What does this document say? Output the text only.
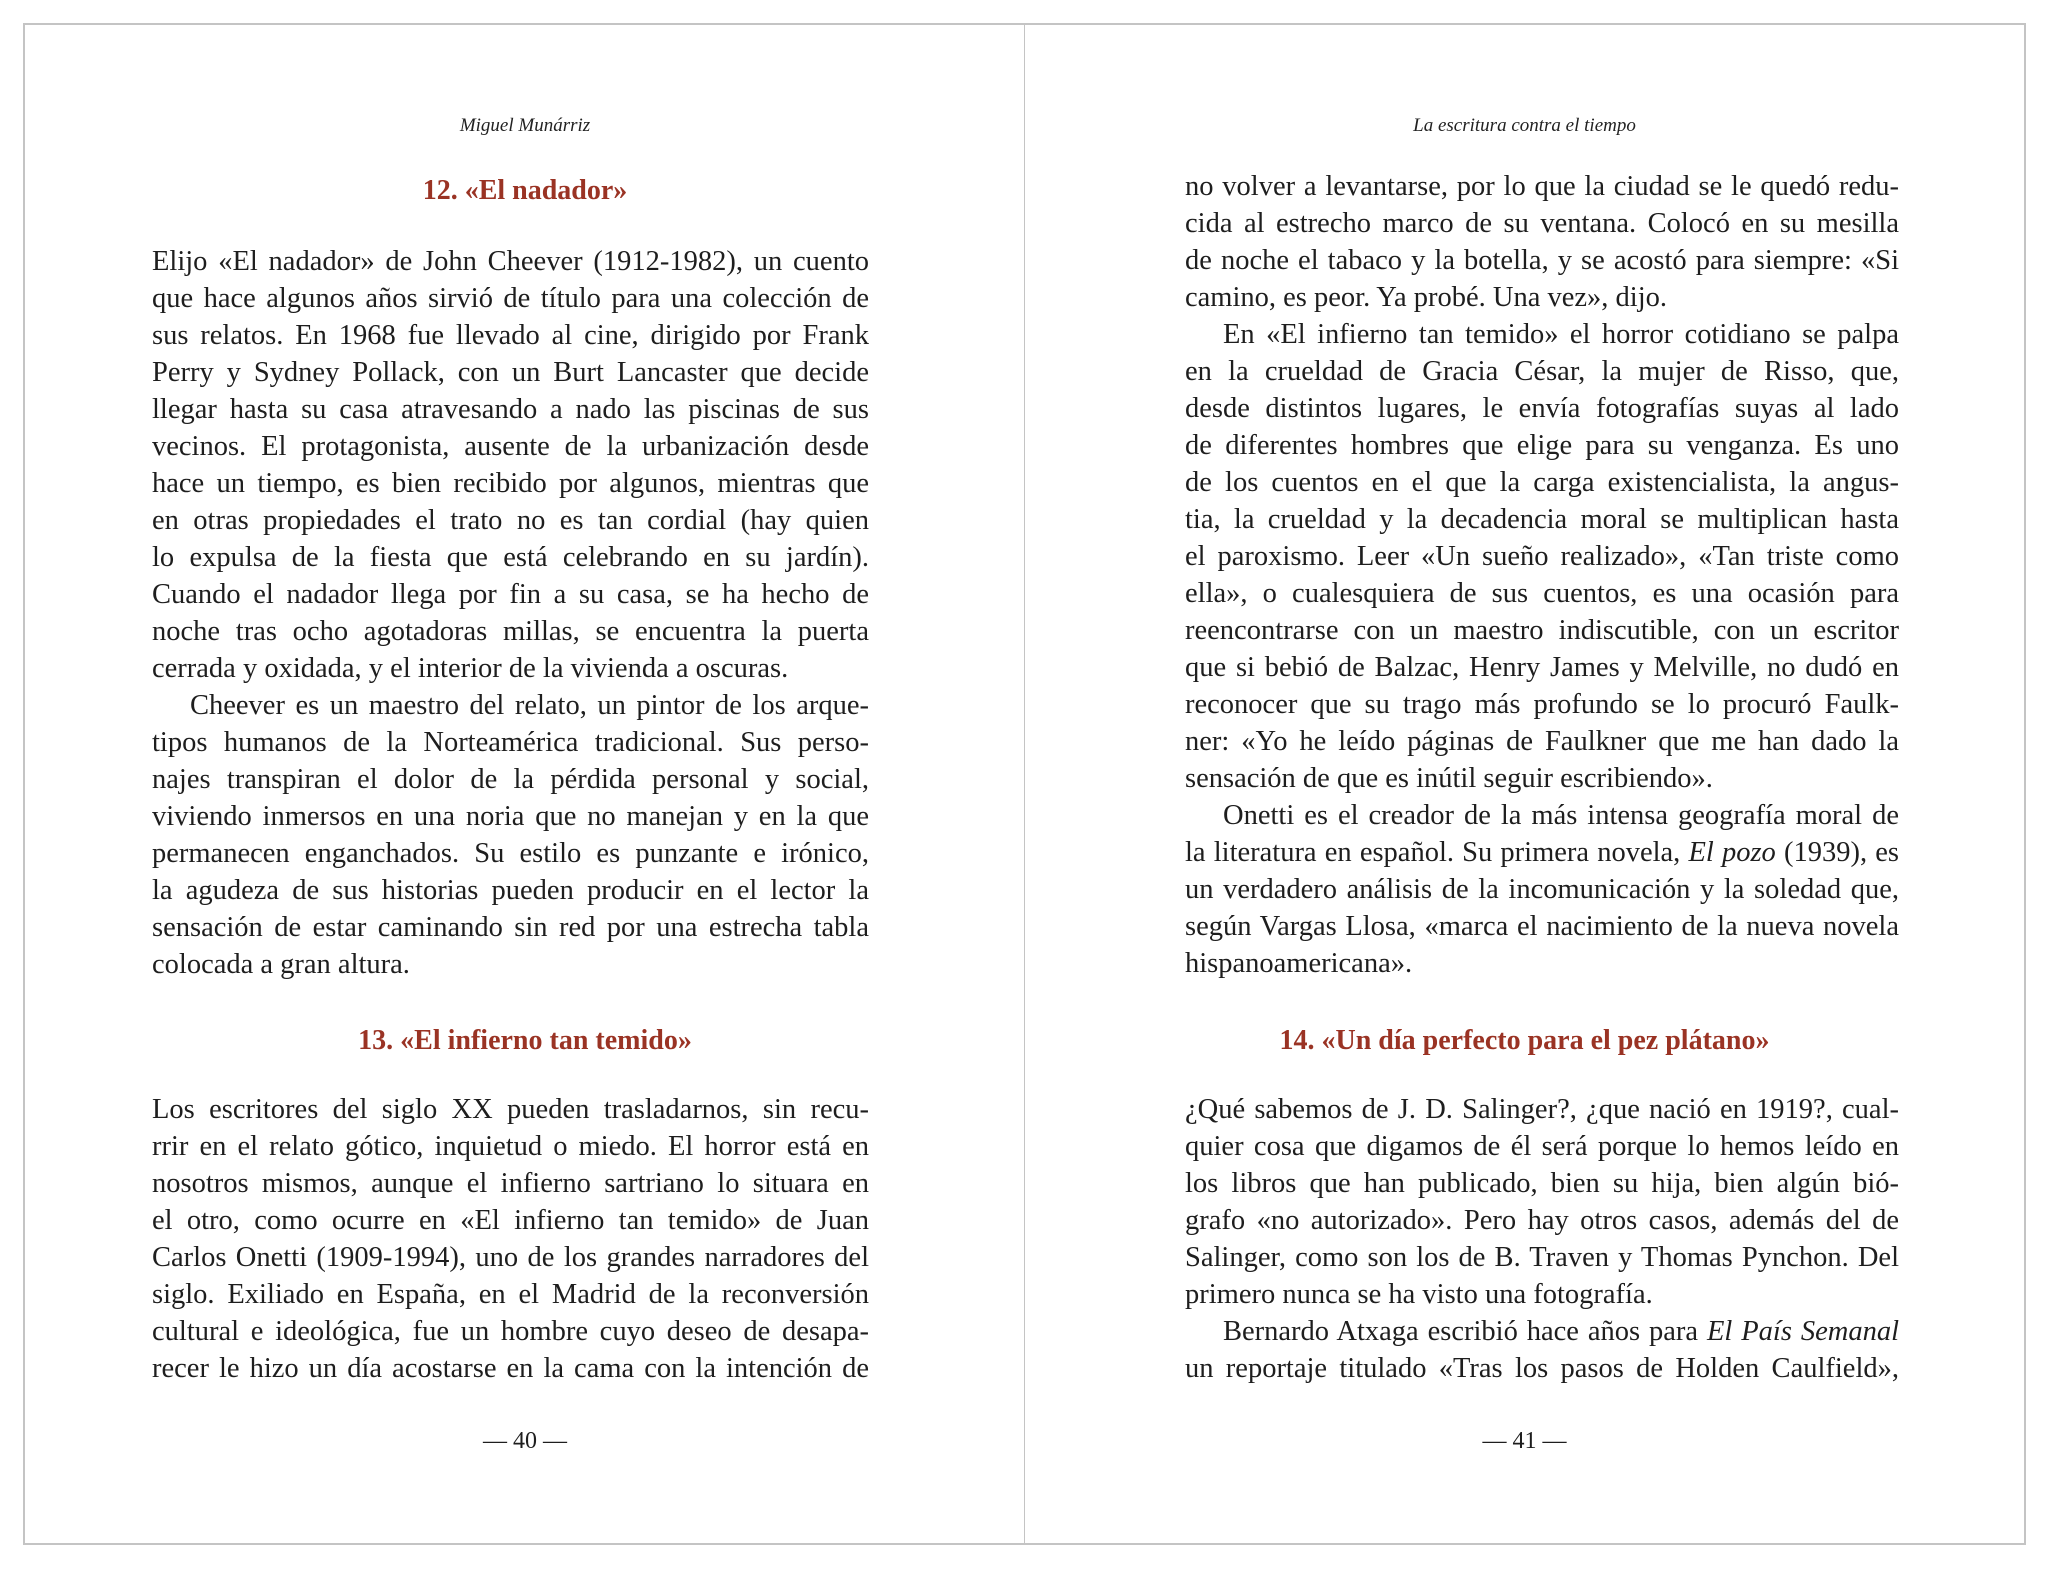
Miguel Munárriz
— 40 —
12. «El nadador»
Elijo «El nadador» de John Cheever (1912-1982), un cuento
que hace algunos años sirvió de título para una colección de
sus relatos. En 1968 fue llevado al cine, dirigido por Frank
Perry y Sydney Pollack, con un Burt Lancaster que decide
llegar hasta su casa atravesando a nado las piscinas de sus
vecinos. El protagonista, ausente de la urbanización desde
hace un tiempo, es bien recibido por algunos, mientras que
en otras propiedades el trato no es tan cordial (hay quien
lo expulsa de la fiesta que está celebrando en su jardín).
Cuando el nadador llega por fin a su casa, se ha hecho de
noche tras ocho agotadoras millas, se encuentra la puerta
cerrada y oxidada, y el interior de la vivienda a oscuras.
Cheever es un maestro del relato, un pintor de los arque-
tipos humanos de la Norteamérica tradicional. Sus perso-
najes transpiran el dolor de la pérdida personal y social,
viviendo inmersos en una noria que no manejan y en la que
permanecen enganchados. Su estilo es punzante e irónico,
la agudeza de sus historias pueden producir en el lector la
sensación de estar caminando sin red por una estrecha tabla
colocada a gran altura.
13. «El infierno tan temido»
Los escritores del siglo XX pueden trasladarnos, sin recu-
rrir en el relato gótico, inquietud o miedo. El horror está en
nosotros mismos, aunque el infierno sartriano lo situara en
el otro, como ocurre en «El infierno tan temido» de Juan
Carlos Onetti (1909-1994), uno de los grandes narradores del
siglo. Exiliado en España, en el Madrid de la reconversión
cultural e ideológica, fue un hombre cuyo deseo de desapa-
recer le hizo un día acostarse en la cama con la intención de
La escritura contra el tiempo
— 41 —
no volver a levantarse, por lo que la ciudad se le quedó redu-
cida al estrecho marco de su ventana. Colocó en su mesilla
de noche el tabaco y la botella, y se acostó para siempre: «Si
camino, es peor. Ya probé. Una vez», dijo.
En «El infierno tan temido» el horror cotidiano se palpa
en la crueldad de Gracia César, la mujer de Risso, que,
desde distintos lugares, le envía fotografías suyas al lado
de diferentes hombres que elige para su venganza. Es uno
de los cuentos en el que la carga existencialista, la angus-
tia, la crueldad y la decadencia moral se multiplican hasta
el paroxismo. Leer «Un sueño realizado», «Tan triste como
ella», o cualesquiera de sus cuentos, es una ocasión para
reencontrarse con un maestro indiscutible, con un escritor
que si bebió de Balzac, Henry James y Melville, no dudó en
reconocer que su trago más profundo se lo procuró Faulk-
ner: «Yo he leído páginas de Faulkner que me han dado la
sensación de que es inútil seguir escribiendo».
Onetti es el creador de la más intensa geografía moral de
la literatura en español. Su primera novela, El pozo (1939), es
un verdadero análisis de la incomunicación y la soledad que,
según Vargas Llosa, «marca el nacimiento de la nueva novela
hispanoamericana».
14. «Un día perfecto para el pez plátano»
¿Qué sabemos de J. D. Salinger?, ¿que nació en 1919?, cual-
quier cosa que digamos de él será porque lo hemos leído en
los libros que han publicado, bien su hija, bien algún bió-
grafo «no autorizado». Pero hay otros casos, además del de
Salinger, como son los de B. Traven y Thomas Pynchon. Del
primero nunca se ha visto una fotografía.
Bernardo Atxaga escribió hace años para El País Semanal
un reportaje titulado «Tras los pasos de Holden Caulfield»,
